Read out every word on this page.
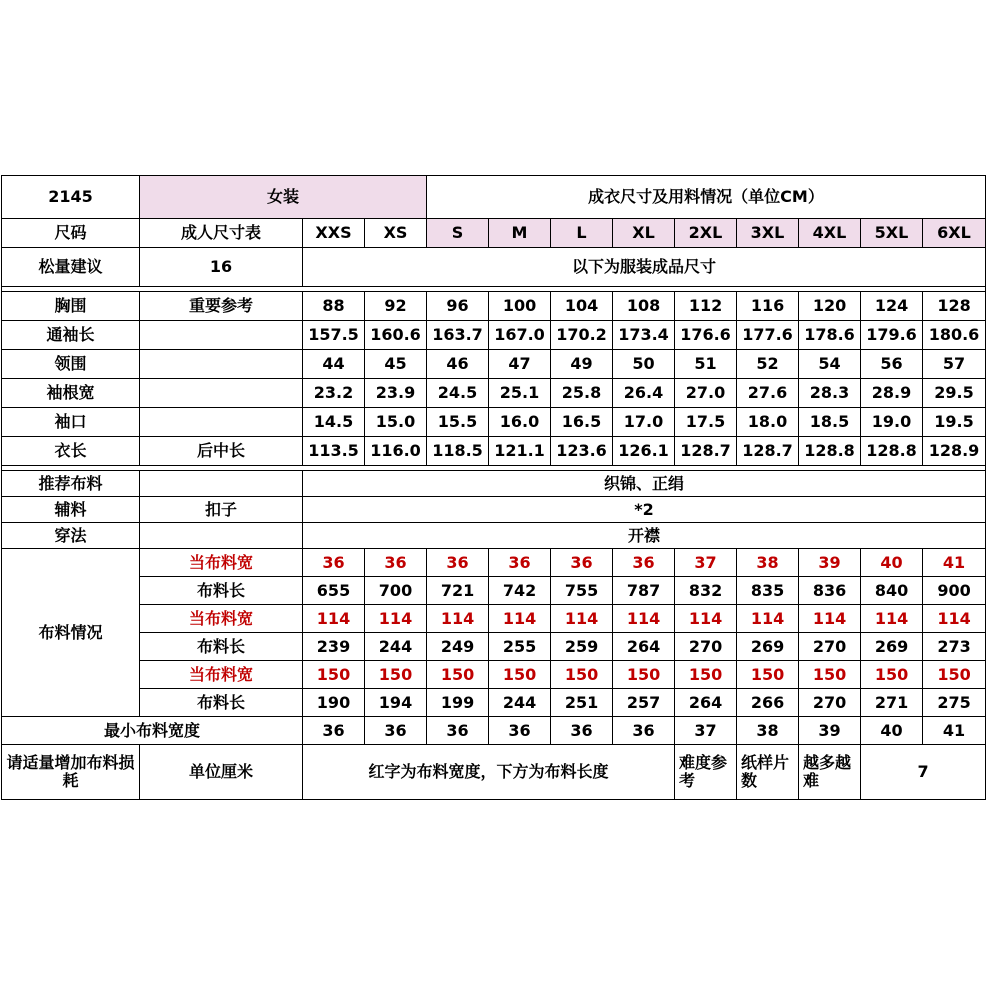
2145	女装			成衣尺寸及用料情况（单位CM）								
尺码	成人尺寸表	XXS	XS	S	M	L	XL	2XL	3XL	4XL	5XL	6XL
松量建议	16	以下为服装成品尺寸										

胸围	重要参考	88	92	96	100	104	108	112	116	120	124	128
通袖长		157.5	160.6	163.7	167.0	170.2	173.4	176.6	177.6	178.6	179.6	180.6
领围		44	45	46	47	49	50	51	52	54	56	57
袖根宽		23.2	23.9	24.5	25.1	25.8	26.4	27.0	27.6	28.3	28.9	29.5
袖口		14.5	15.0	15.5	16.0	16.5	17.0	17.5	18.0	18.5	19.0	19.5
衣长	后中长	113.5	116.0	118.5	121.1	123.6	126.1	128.7	128.7	128.8	128.8	128.9

推荐布料		织锦、正绢										
辅料	扣子	*2										
穿法		开襟										
布料情况	当布料宽	36	36	36	36	36	36	37	38	39	40	41
	布料长	655	700	721	742	755	787	832	835	836	840	900
	当布料宽	114	114	114	114	114	114	114	114	114	114	114
	布料长	239	244	249	255	259	264	270	269	270	269	273
	当布料宽	150	150	150	150	150	150	150	150	150	150	150
	布料长	190	194	199	244	251	257	264	266	270	271	275
最小布料宽度		36	36	36	36	36	36	37	38	39	40	41
请适量增加布料损耗	单位厘米	红字为布料宽度，下方为布料长度						难度参考	纸样片数	越多越难	7	
